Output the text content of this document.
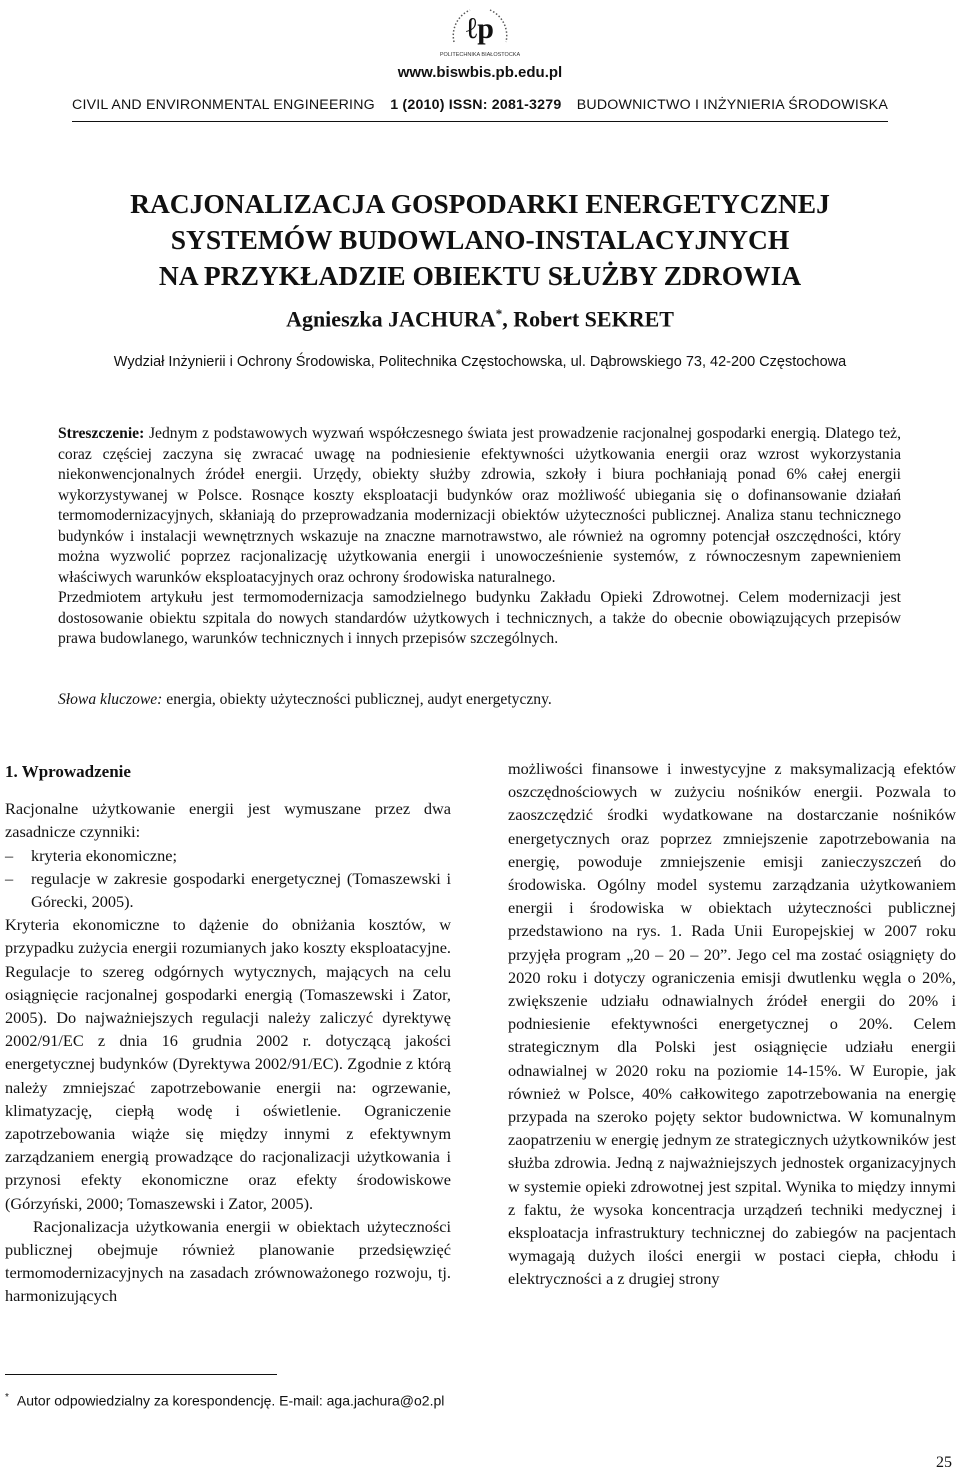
ℓp
POLITECHNIKA BIAŁOSTOCKA
www.biswbis.pb.edu.pl
CIVIL AND ENVIRONMENTAL ENGINEERING 1 (2010) ISSN: 2081-3279 BUDOWNICTWO I INŻYNIERIA ŚRODOWISKA
RACJONALIZACJA GOSPODARKI ENERGETYCZNEJ
SYSTEMÓW BUDOWLANO-INSTALACYJNYCH
NA PRZYKŁADZIE OBIEKTU SŁUŻBY ZDROWIA
Agnieszka JACHURA*, Robert SEKRET
Wydział Inżynierii i Ochrony Środowiska, Politechnika Częstochowska, ul. Dąbrowskiego 73, 42-200 Częstochowa

Streszczenie: Jednym z podstawowych wyzwań współczesnego świata jest prowadzenie racjonalnej gospodarki energią. Dlatego też, coraz częściej zaczyna się zwracać uwagę na podniesienie efektywności użytkowania energii oraz wzrost wykorzystania niekonwencjonalnych źródeł energii. Urzędy, obiekty służby zdrowia, szkoły i biura pochłaniają ponad 6% całej energii wykorzystywanej w Polsce. Rosnące koszty eksploatacji budynków oraz możliwość ubiegania się o dofinansowanie działań termomodernizacyjnych, skłaniają do przeprowadzania modernizacji obiektów użyteczności publicznej. Analiza stanu technicznego budynków i instalacji wewnętrznych wskazuje na znaczne marnotrawstwo, ale również na ogromny potencjał oszczędności, który można wyzwolić poprzez racjonalizację użytkowania energii i unowocześnienie systemów, z równoczesnym zapewnieniem właściwych warunków eksploatacyjnych oraz ochrony środowiska naturalnego.

Przedmiotem artykułu jest termomodernizacja samodzielnego budynku Zakładu Opieki Zdrowotnej. Celem modernizacji jest dostosowanie obiektu szpitala do nowych standardów użytkowych i technicznych, a także do obecnie obowiązujących przepisów prawa budowlanego, warunków technicznych i innych przepisów szczególnych.

Słowa kluczowe: energia, obiekty użyteczności publicznej, audyt energetyczny.

1. Wprowadzenie

Racjonalne użytkowanie energii jest wymuszane przez dwa zasadnicze czynniki:

–	kryteria ekonomiczne;
–	regulacje w zakresie gospodarki energetycznej (Tomaszewski i Górecki, 2005).

Kryteria ekonomiczne to dążenie do obniżania kosztów, w przypadku zużycia energii rozumianych jako koszty eksploatacyjne. Regulacje to szereg odgórnych wytycznych, mających na celu osiągnięcie racjonalnej gospodarki energią (Tomaszewski i Zator, 2005). Do najważniejszych regulacji należy zaliczyć dyrektywę 2002/91/EC z dnia 16 grudnia 2002 r. dotyczącą jakości energetycznej budynków (Dyrektywa 2002/91/EC). Zgodnie z którą należy zmniejszać zapotrzebowanie energii na: ogrzewanie, klimatyzację, ciepłą wodę i oświetlenie. Ograniczenie zapotrzebowania wiąże się między innymi z efektywnym zarządzaniem energią prowadzące do racjonalizacji użytkowania i przynosi efekty ekonomiczne oraz efekty środowiskowe (Górzyński, 2000; Tomaszewski i Zator, 2005).

Racjonalizacja użytkowania energii w obiektach użyteczności publicznej obejmuje również planowanie przedsięwzięć termomodernizacyjnych na zasadach zrównoważonego rozwoju, tj. harmonizujących

możliwości finansowe i inwestycyjne z maksymalizacją efektów oszczędnościowych w zużyciu nośników energii. Pozwala to zaoszczędzić środki wydatkowane na dostarczanie nośników energetycznych oraz poprzez zmniejszenie zapotrzebowania na energię, powoduje zmniejszenie emisji zanieczyszczeń do środowiska. Ogólny model systemu zarządzania użytkowaniem energii i środowiska w obiektach użyteczności publicznej przedstawiono na rys. 1. Rada Unii Europejskiej w 2007 roku przyjęła program „20 – 20 – 20”. Jego cel ma zostać osiągnięty do 2020 roku i dotyczy ograniczenia emisji dwutlenku węgla o 20%, zwiększenie udziału odnawialnych źródeł energii do 20% i podniesienie efektywności energetycznej o 20%. Celem strategicznym dla Polski jest osiągnięcie udziału energii odnawialnej w 2020 roku na poziomie 14-15%. W Europie, jak również w Polsce, 40% całkowitego zapotrzebowania na energię przypada na szeroko pojęty sektor budownictwa. W komunalnym zaopatrzeniu w energię jednym ze strategicznych użytkowników jest służba zdrowia. Jedną z najważniejszych jednostek organizacyjnych w systemie opieki zdrowotnej jest szpital. Wynika to między innymi z faktu, że wysoka koncentracja urządzeń techniki medycznej i eksploatacja infrastruktury technicznej do zabiegów na pacjentach wymagają dużych ilości energii w postaci ciepła, chłodu i elektryczności a z drugiej strony

* Autor odpowiedzialny za korespondencję. E-mail: aga.jachura@o2.pl
25
